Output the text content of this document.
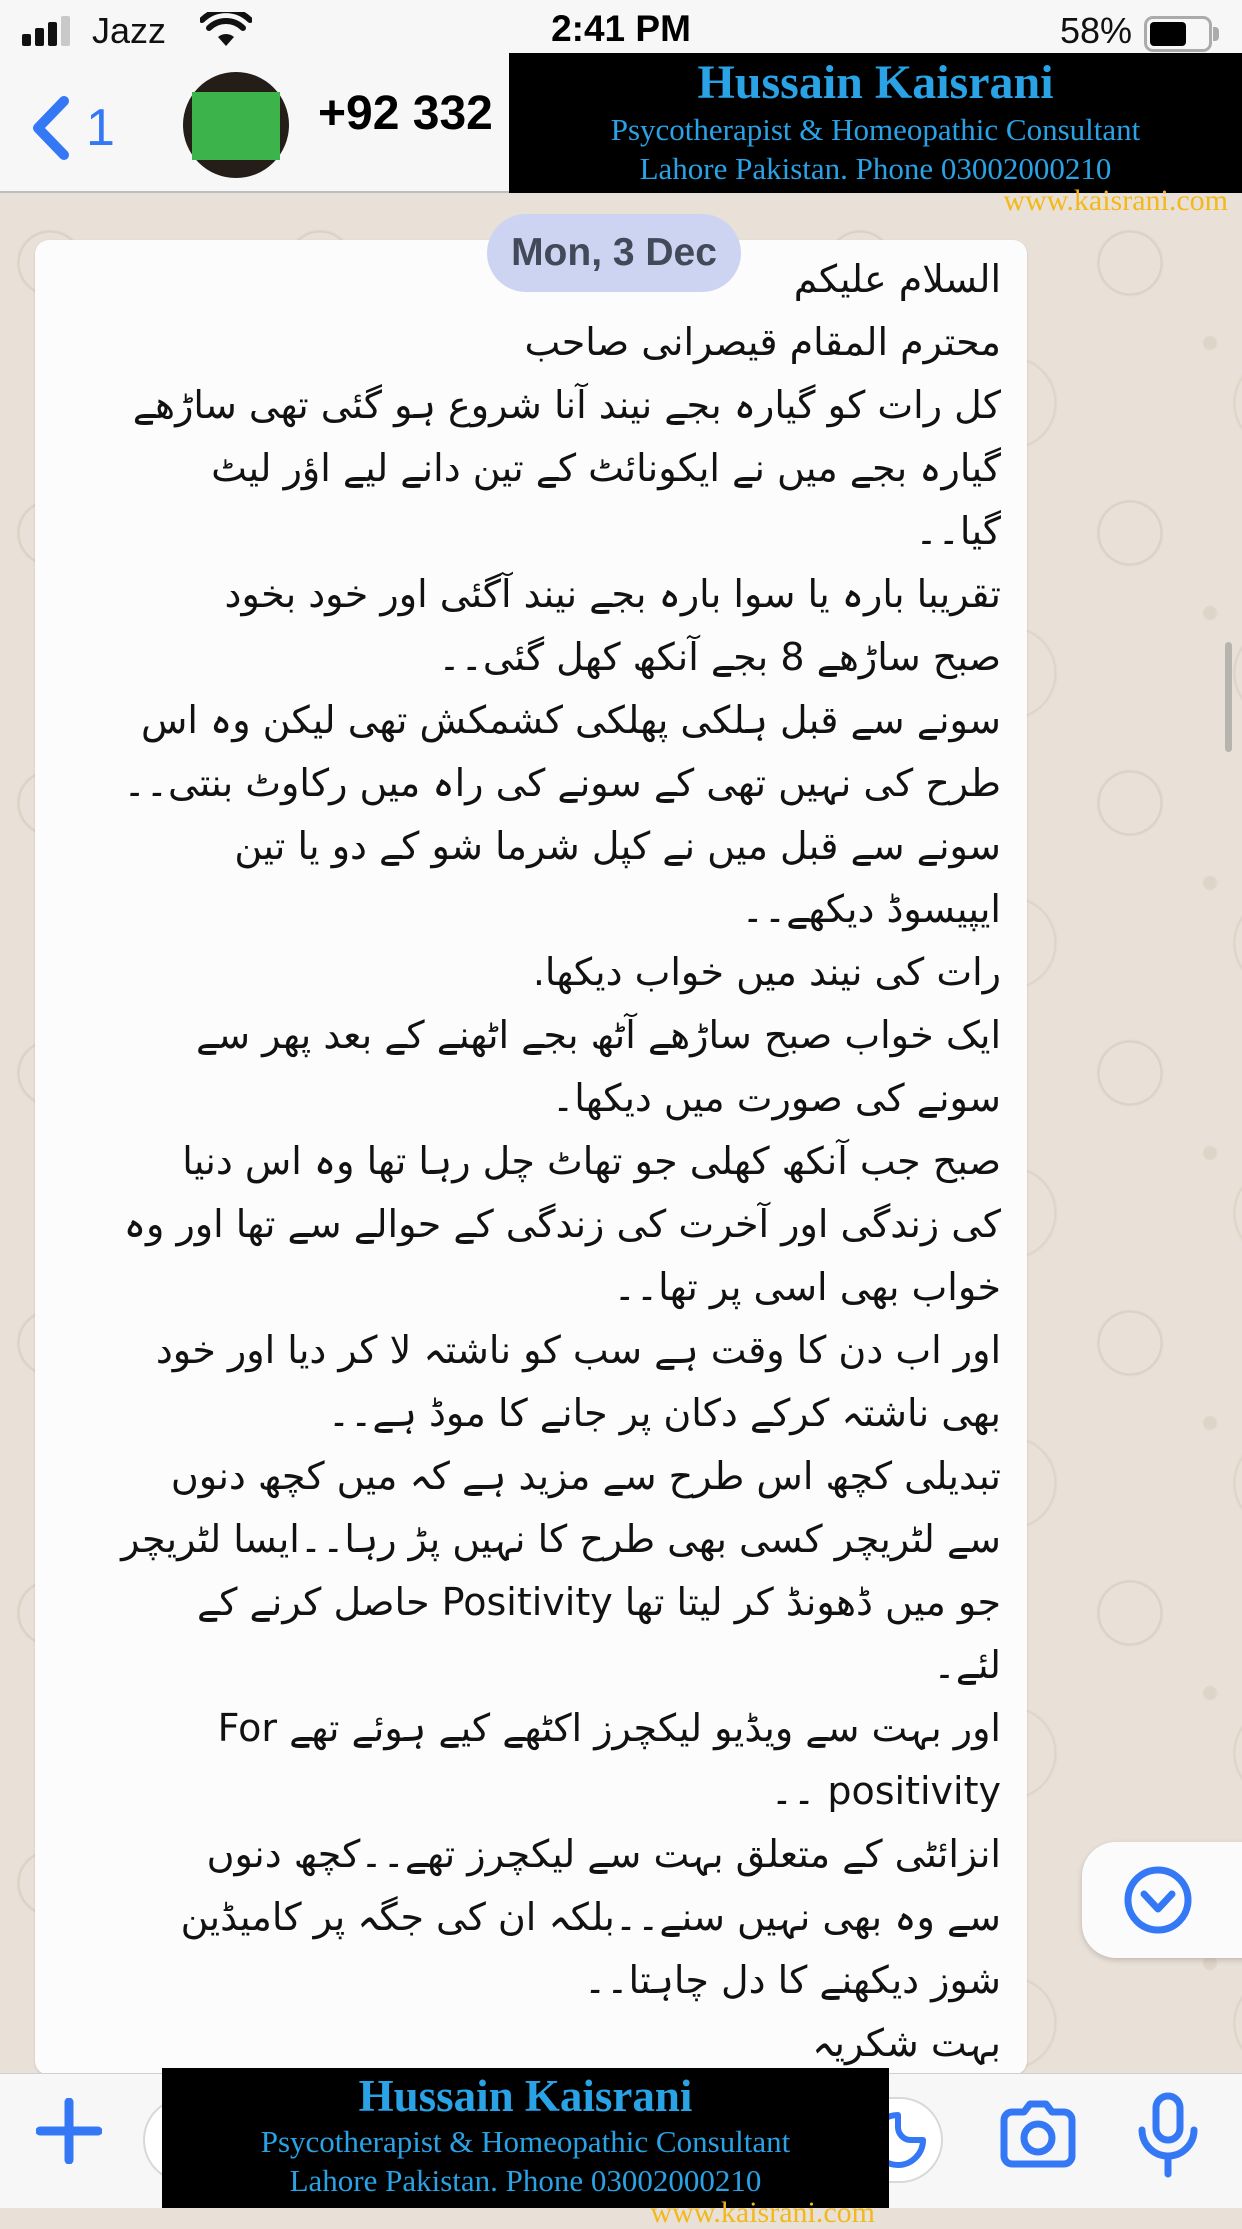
Jazz	2:41 PM	58%
1	+92 332
Hussain Kaisrani
Psycotherapist & Homeopathic Consultant
Lahore Pakistan. Phone 03002000210
www.kaisrani.com
السلام عليكم
محترم المقام قیصرانی صاحب
کل رات کو گیارہ بجے نیند آنا شروع ہو گئی تھی ساڑھے
گیارہ بجے میں نے ایکونائٹ کے تین دانے لیے اؤر لیٹ
گیا۔۔
تقریبا بارہ یا سوا بارہ بجے نیند آگئی اور خود بخود
صبح ساڑھے 8 بجے آنکھ کھل گئی۔۔
سونے سے قبل ہلکی پھلکی کشمکش تھی لیکن وہ اس
طرح کی نہیں تھی کے سونے کی راہ میں رکاوٹ بنتی۔۔
سونے سے قبل میں نے کپل شرما شو کے دو یا تین
ایپیسوڈ دیکھے۔۔
رات کی نیند میں خواب دیکھا.
ایک خواب صبح ساڑھے آٹھ بجے اٹھنے کے بعد پھر سے
سونے کی صورت میں دیکھا۔
صبح جب آنکھ کھلی جو تھاٹ چل رہا تھا وہ اس دنیا
کی زندگی اور آخرت کی زندگی کے حوالے سے تھا اور وہ
خواب بھی اسی پر تھا۔۔
اور اب دن کا وقت ہے سب کو ناشتہ لا کر دیا اور خود
بھی ناشتہ کرکے دکان پر جانے کا موڈ ہے۔۔
تبدیلی کچھ اس طرح سے مزید ہے کہ میں کچھ دنوں
سے لٹریچر کسی بھی طرح کا نہیں پڑ رہا۔۔ایسا لٹریچر
جو میں ڈھونڈ کر لیتا تھا Positivity حاصل کرنے کے
لئے۔
اور بہت سے ویڈیو لیکچرز اکٹھے کیے ہوئے تھے For
positivity ۔۔
انزائٹی کے متعلق بہت سے لیکچرز تھے۔۔کچھ دنوں
سے وہ بھی نہیں سنے۔۔بلکہ ان کی جگہ پر کامیڈین
شوز دیکھنے کا دل چاہتا۔۔
بہت شکریہ
Mon, 3 Dec
Hussain Kaisrani
Psycotherapist & Homeopathic Consultant
Lahore Pakistan. Phone 03002000210
www.kaisrani.com
